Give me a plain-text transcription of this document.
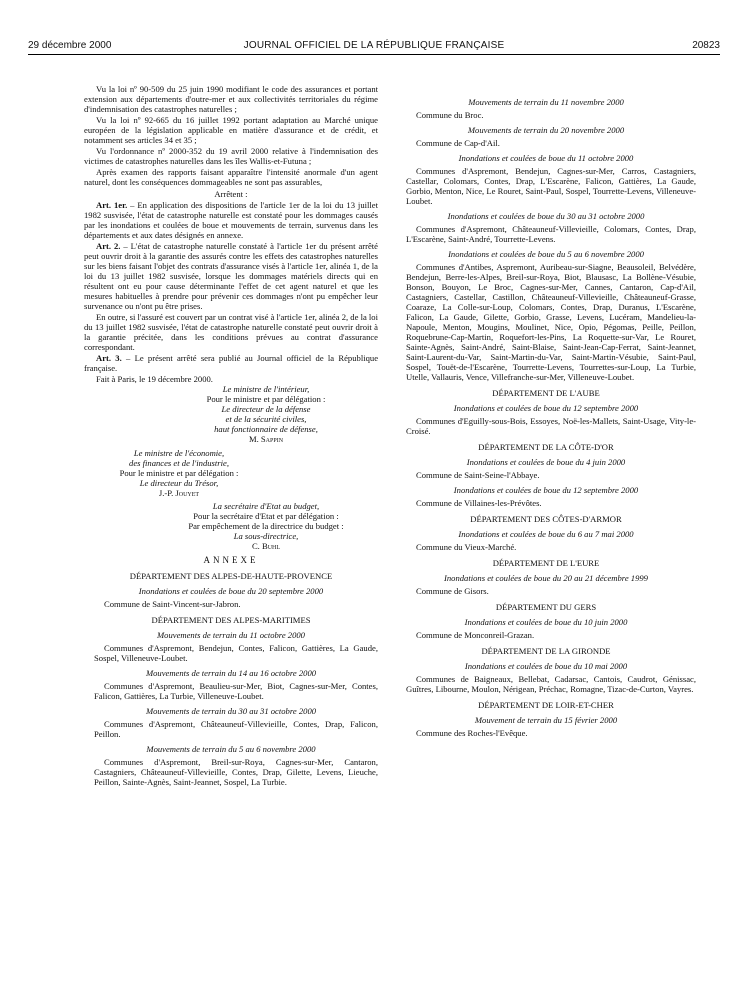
29 décembre 2000	JOURNAL OFFICIEL DE LA RÉPUBLIQUE FRANÇAISE	20823

Vu la loi nº 90-509 du 25 juin 1990 modifiant le code des assurances et portant extension aux départements d'outre-mer et aux collectivités territoriales du régime d'indemnisation des catastrophes naturelles ;

Vu la loi nº 92-665 du 16 juillet 1992 portant adaptation au Marché unique européen de la législation applicable en matière d'assurance et de crédit, et notamment ses articles 34 et 35 ;

Vu l'ordonnance nº 2000-352 du 19 avril 2000 relative à l'indemnisation des victimes de catastrophes naturelles dans les îles Wallis-et-Futuna ;

Après examen des rapports faisant apparaître l'intensité anormale d'un agent naturel, dont les conséquences dommageables ne sont pas assurables,

Arrêtent :

Art. 1er. – En application des dispositions de l'article 1er de la loi du 13 juillet 1982 susvisée, l'état de catastrophe naturelle est constaté pour les dommages causés par les inondations et coulées de boue et mouvements de terrain, survenus dans les départements et aux dates désignés en annexe.

Art. 2. – L'état de catastrophe naturelle constaté à l'article 1er du présent arrêté peut ouvrir droit à la garantie des assurés contre les effets des catastrophes naturelles sur les biens faisant l'objet des contrats d'assurance visés à l'article 1er, alinéa 1, de la loi du 13 juillet 1982 susvisée, lorsque les dommages matériels directs qui en résultent ont eu pour cause déterminante l'effet de cet agent naturel et que les mesures habituelles à prendre pour prévenir ces dommages n'ont pu empêcher leur survenance ou n'ont pu être prises.

En outre, si l'assuré est couvert par un contrat visé à l'article 1er, alinéa 2, de la loi du 13 juillet 1982 susvisée, l'état de catastrophe naturelle constaté peut ouvrir droit à la garantie précitée, dans les conditions prévues au contrat d'assurance correspondant.

Art. 3. – Le présent arrêté sera publié au Journal officiel de la République française.

Fait à Paris, le 19 décembre 2000.

Le ministre de l'intérieur,

Pour le ministre et par délégation :

Le directeur de la défense

et de la sécurité civiles,

haut fonctionnaire de défense,

M. Sappin

Le ministre de l'économie,

des finances et de l'industrie,

Pour le ministre et par délégation :

Le directeur du Trésor,

J.-P. Jouyet

La secrétaire d'Etat au budget,

Pour la secrétaire d'Etat et par délégation :

Par empêchement de la directrice du budget :

La sous-directrice,

C. Buhl

ANNEXE

DÉPARTEMENT DES ALPES-DE-HAUTE-PROVENCE

Inondations et coulées de boue du 20 septembre 2000

Commune de Saint-Vincent-sur-Jabron.

DÉPARTEMENT DES ALPES-MARITIMES

Mouvements de terrain du 11 octobre 2000

Communes d'Aspremont, Bendejun, Contes, Falicon, Gattières, La Gaude, Sospel, Villeneuve-Loubet.

Mouvements de terrain du 14 au 16 octobre 2000

Communes d'Aspremont, Beaulieu-sur-Mer, Biot, Cagnes-sur-Mer, Contes, Falicon, Gattières, La Turbie, Villeneuve-Loubet.

Mouvements de terrain du 30 au 31 octobre 2000

Communes d'Aspremont, Châteauneuf-Villevieille, Contes, Drap, Falicon, Peillon.

Mouvements de terrain du 5 au 6 novembre 2000

Communes d'Aspremont, Breil-sur-Roya, Cagnes-sur-Mer, Cantaron, Castagniers, Châteauneuf-Villevieille, Contes, Drap, Gilette, Levens, Lieuche, Peillon, Sainte-Agnès, Saint-Jeannet, Sospel, La Turbie.

Mouvements de terrain du 11 novembre 2000

Commune du Broc.

Mouvements de terrain du 20 novembre 2000

Commune de Cap-d'Ail.

Inondations et coulées de boue du 11 octobre 2000

Communes d'Aspremont, Bendejun, Cagnes-sur-Mer, Carros, Castagniers, Castellar, Colomars, Contes, Drap, L'Escarène, Falicon, Gattières, La Gaude, Gorbio, Menton, Nice, Le Rouret, Saint-Paul, Sospel, Tourrette-Levens, Villeneuve-Loubet.

Inondations et coulées de boue du 30 au 31 octobre 2000

Communes d'Aspremont, Châteauneuf-Villevieille, Colomars, Contes, Drap, L'Escarène, Saint-André, Tourrette-Levens.

Inondations et coulées de boue du 5 au 6 novembre 2000

Communes d'Antibes, Aspremont, Auribeau-sur-Siagne, Beausoleil, Belvédère, Bendejun, Berre-les-Alpes, Breil-sur-Roya, Biot, Blausasc, La Bollène-Vésubie, Bonson, Bouyon, Le Broc, Cagnes-sur-Mer, Cannes, Cantaron, Cap-d'Ail, Castagniers, Castellar, Castillon, Châteauneuf-Villevieille, Châteauneuf-Grasse, Coaraze, La Colle-sur-Loup, Colomars, Contes, Drap, Duranus, L'Escarène, Falicon, La Gaude, Gilette, Gorbio, Grasse, Levens, Lucéram, Mandelieu-la-Napoule, Menton, Mougins, Moulinet, Nice, Opio, Pégomas, Peille, Peillon, Roquebrune-Cap-Martin, Roquefort-les-Pins, La Roquette-sur-Var, Le Rouret, Sainte-Agnès, Saint-André, Saint-Blaise, Saint-Jean-Cap-Ferrat, Saint-Jeannet, Saint-Laurent-du-Var, Saint-Martin-du-Var, Saint-Martin-Vésubie, Saint-Paul, Sospel, Touët-de-l'Escarène, Tourrette-Levens, Tourrettes-sur-Loup, La Turbie, Utelle, Vallauris, Vence, Villefranche-sur-Mer, Villeneuve-Loubet.

DÉPARTEMENT DE L'AUBE

Inondations et coulées de boue du 12 septembre 2000

Communes d'Eguilly-sous-Bois, Essoyes, Noë-les-Mallets, Saint-Usage, Vity-le-Croisé.

DÉPARTEMENT DE LA CÔTE-D'OR

Inondations et coulées de boue du 4 juin 2000

Commune de Saint-Seine-l'Abbaye.

Inondations et coulées de boue du 12 septembre 2000

Commune de Villaines-les-Prévôtes.

DÉPARTEMENT DES CÔTES-D'ARMOR

Inondations et coulées de boue du 6 au 7 mai 2000

Commune du Vieux-Marché.

DÉPARTEMENT DE L'EURE

Inondations et coulées de boue du 20 au 21 décembre 1999

Commune de Gisors.

DÉPARTEMENT DU GERS

Inondations et coulées de boue du 10 juin 2000

Commune de Monconreil-Grazan.

DÉPARTEMENT DE LA GIRONDE

Inondations et coulées de boue du 10 mai 2000

Communes de Baigneaux, Bellebat, Cadarsac, Cantois, Caudrot, Génissac, Guîtres, Libourne, Moulon, Nérigean, Préchac, Romagne, Tizac-de-Curton, Vayres.

DÉPARTEMENT DE LOIR-ET-CHER

Mouvement de terrain du 15 février 2000

Commune des Roches-l'Evêque.
